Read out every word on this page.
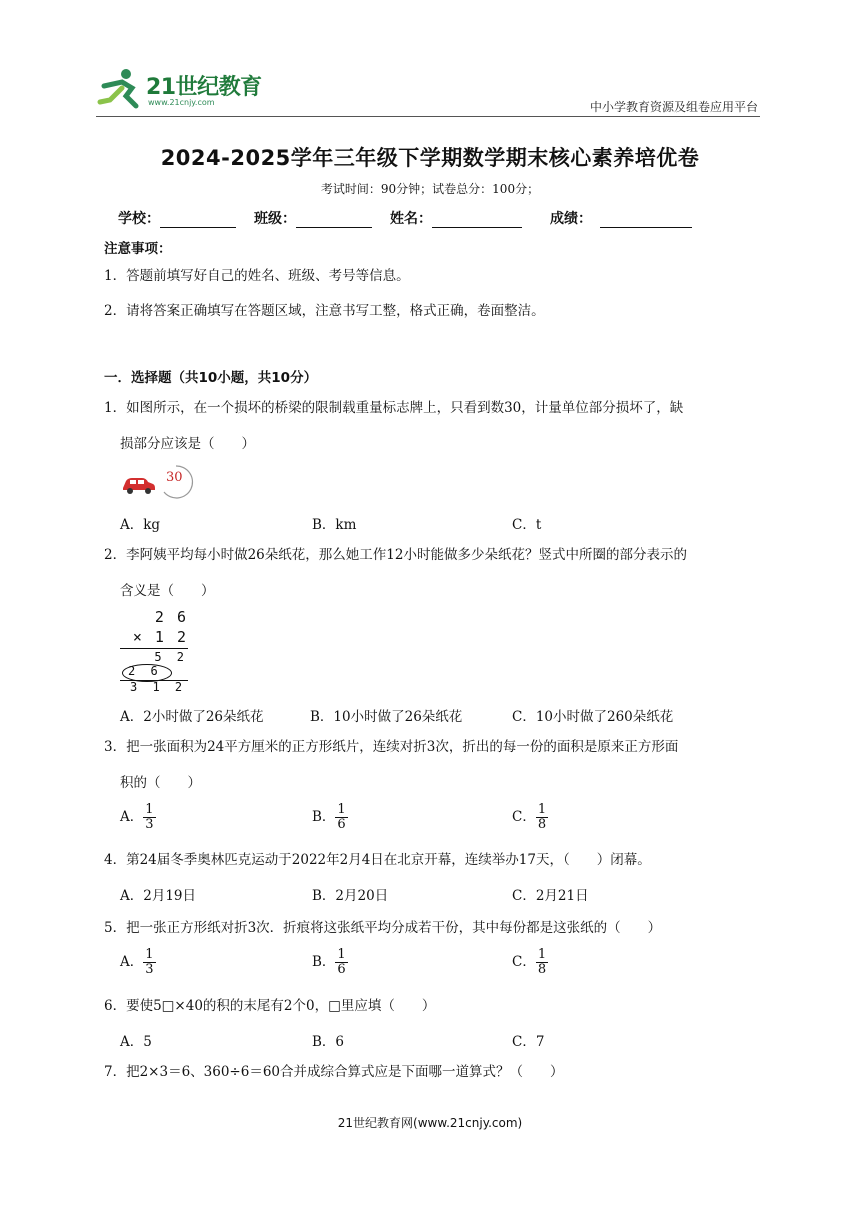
21世纪教育
www.21cnjy.com	中小学教育资源及组卷应用平台
2024-2025学年三年级下学期数学期末核心素养培优卷
考试时间：90分钟；试卷总分：100分；
学校：	班级：	姓名：	成绩：
注意事项：
1．答题前填写好自己的姓名、班级、考号等信息。
2．请将答案正确填写在答题区域，注意书写工整，格式正确，卷面整洁。
一．选择题（共10小题，共10分）
1．如图所示，在一个损坏的桥梁的限制载重量标志牌上，只看到数30，计量单位部分损坏了，缺
损部分应该是（　　）
30
A．kg	B．km	C．t
2．李阿姨平均每小时做26朵纸花，那么她工作12小时能做多少朵纸花？竖式中所圈的部分表示的
含义是（　　）
2 6
× 1 2
5 2
2 6
3 1 2
A．2小时做了26朵纸花	B．10小时做了26朵纸花	C．10小时做了260朵纸花
3．把一张面积为24平方厘米的正方形纸片，连续对折3次，折出的每一份的面积是原来正方形面
积的（　　）
A． $\frac{1}{3}$	B． $\frac{1}{6}$	C． $\frac{1}{8}$
4．第24届冬季奥林匹克运动于2022年2月4日在北京开幕，连续举办17天，（　　）闭幕。
A．2月19日	B．2月20日	C．2月21日
5．把一张正方形纸对折3次．折痕将这张纸平均分成若干份，其中每份都是这张纸的（　　）
A． $\frac{1}{3}$	B． $\frac{1}{6}$	C． $\frac{1}{8}$
6．要使5□×40的积的末尾有2个0，□里应填（　　）
A．5	B．6	C．7
7．把2×3＝6、360÷6＝60合并成综合算式应是下面哪一道算式？（　　）
21世纪教育网(www.21cnjy.com)
